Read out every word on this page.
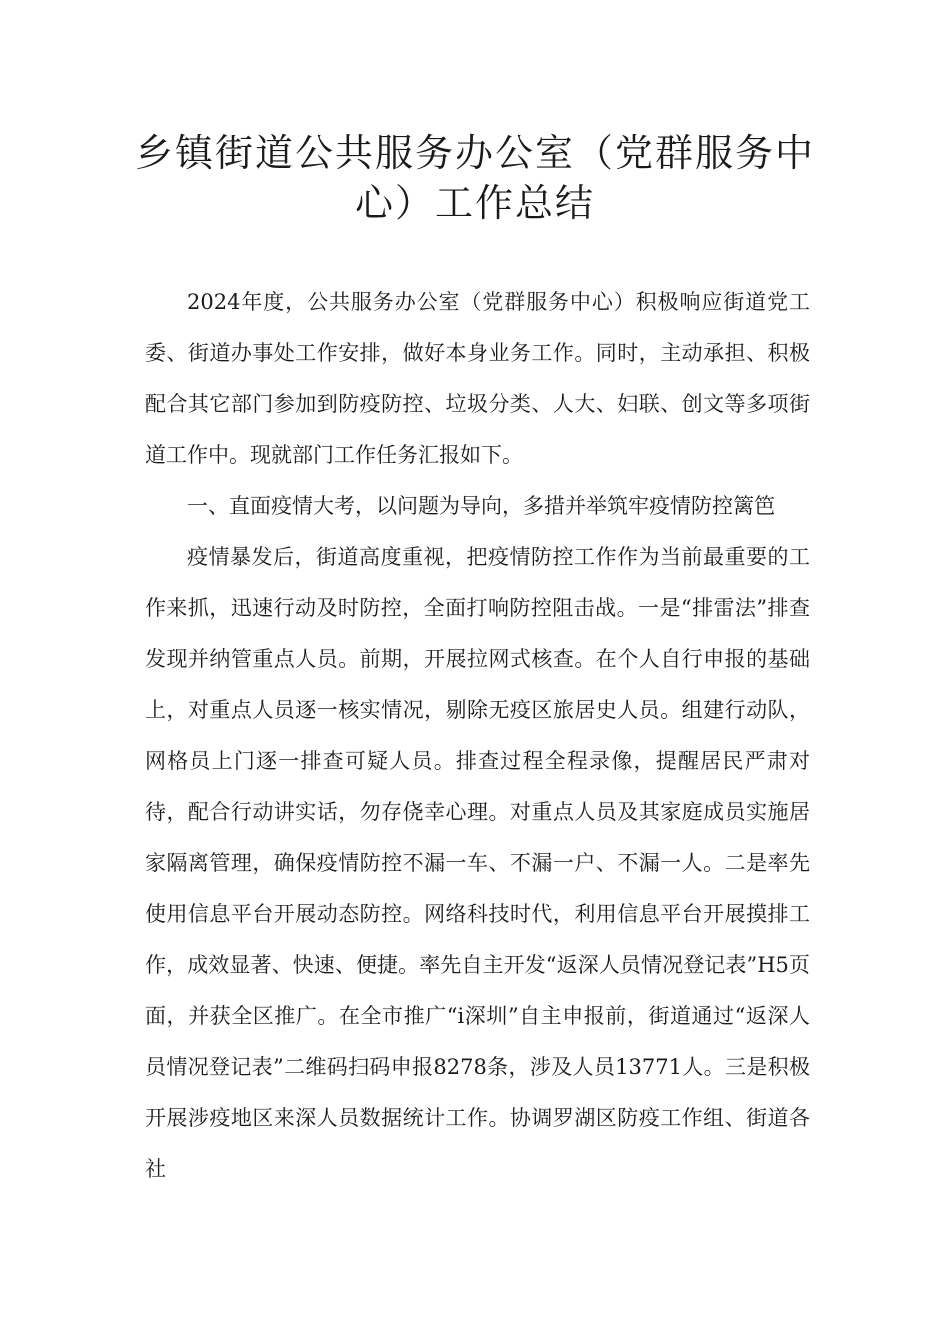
乡镇街道公共服务办公室（党群服务中
心）工作总结

2024年度，公共服务办公室（党群服务中心）积极响应街道党工委、街道办事处工作安排，做好本身业务工作。同时，主动承担、积极配合其它部门参加到防疫防控、垃圾分类、人大、妇联、创文等多项街道工作中。现就部门工作任务汇报如下。

一、直面疫情大考，以问题为导向，多措并举筑牢疫情防控篱笆

疫情暴发后，街道高度重视，把疫情防控工作作为当前最重要的工作来抓，迅速行动及时防控，全面打响防控阻击战。一是“排雷法”排查发现并纳管重点人员。前期，开展拉网式核查。在个人自行申报的基础上，对重点人员逐一核实情况，剔除无疫区旅居史人员。组建行动队，网格员上门逐一排查可疑人员。排查过程全程录像，提醒居民严肃对待，配合行动讲实话，勿存侥幸心理。对重点人员及其家庭成员实施居家隔离管理，确保疫情防控不漏一车、不漏一户、不漏一人。二是率先使用信息平台开展动态防控。网络科技时代，利用信息平台开展摸排工作，成效显著、快速、便捷。率先自主开发“返深人员情况登记表”H5页面，并获全区推广。在全市推广“i深圳”自主申报前，街道通过“返深人员情况登记表”二维码扫码申报8278条，涉及人员13771人。三是积极开展涉疫地区来深人员数据统计工作。协调罗湖区防疫工作组、街道各社
